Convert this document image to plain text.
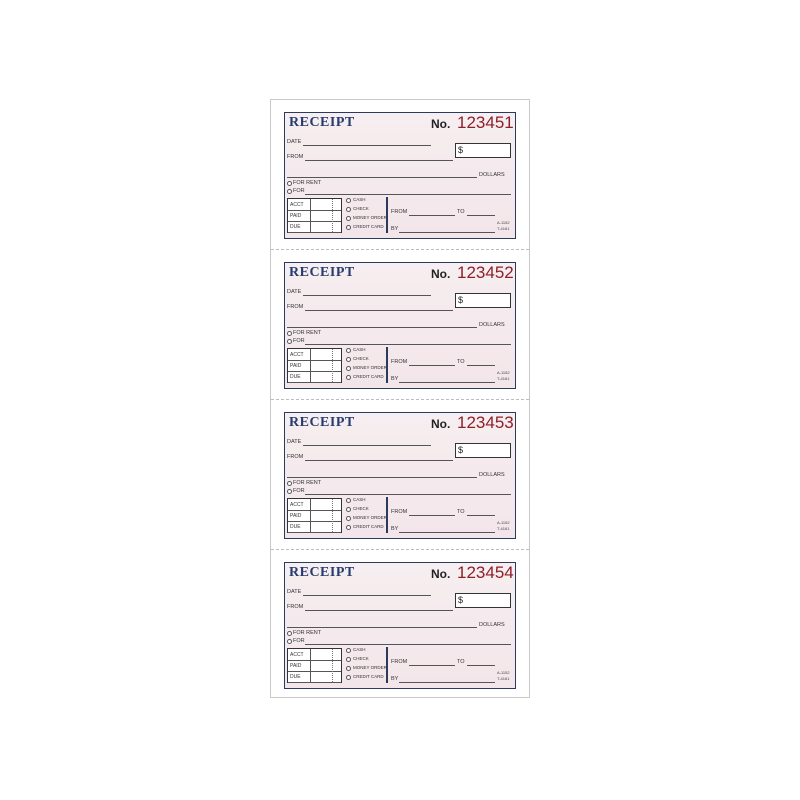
RECEIPT	No. 123451
DATE
FROM
$
DOLLARS
FOR RENT
FOR
ACCT
PAID
DUE
CASH
CHECK
MONEY ORDER
CREDIT CARD
FROM	TO
BY
A-1152
T-4161
RECEIPT	No. 123452
DATE
FROM
$
DOLLARS
FOR RENT
FOR
ACCT
PAID
DUE
CASH
CHECK
MONEY ORDER
CREDIT CARD
FROM	TO
BY
A-1152
T-4161
RECEIPT	No. 123453
DATE
FROM
$
DOLLARS
FOR RENT
FOR
ACCT
PAID
DUE
CASH
CHECK
MONEY ORDER
CREDIT CARD
FROM	TO
BY
A-1152
T-4161
RECEIPT	No. 123454
DATE
FROM
$
DOLLARS
FOR RENT
FOR
ACCT
PAID
DUE
CASH
CHECK
MONEY ORDER
CREDIT CARD
FROM	TO
BY
A-1152
T-4161
